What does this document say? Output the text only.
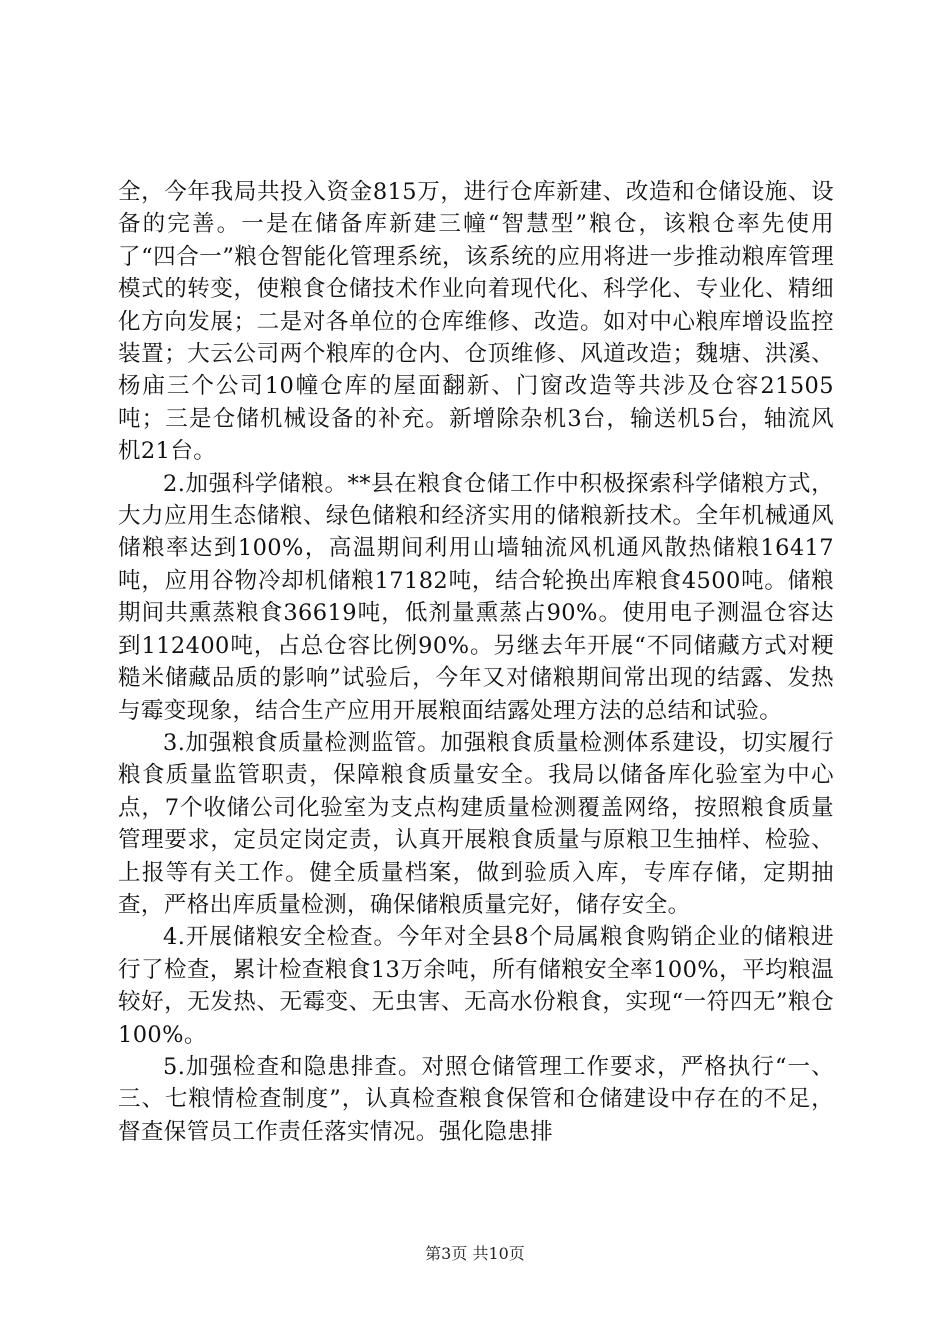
全，今年我局共投入资金815万，进行仓库新建、改造和仓储设施、设备的完善。一是在储备库新建三幢“智慧型”粮仓，该粮仓率先使用了“四合一”粮仓智能化管理系统，该系统的应用将进一步推动粮库管理模式的转变，使粮食仓储技术作业向着现代化、科学化、专业化、精细化方向发展；二是对各单位的仓库维修、改造。如对中心粮库增设监控装置；大云公司两个粮库的仓内、仓顶维修、风道改造；魏塘、洪溪、杨庙三个公司10幢仓库的屋面翻新、门窗改造等共涉及仓容21505吨；三是仓储机械设备的补充。新增除杂机3台，输送机5台，轴流风机21台。

2.加强科学储粮。**县在粮食仓储工作中积极探索科学储粮方式，大力应用生态储粮、绿色储粮和经济实用的储粮新技术。全年机械通风储粮率达到100%，高温期间利用山墙轴流风机通风散热储粮16417吨，应用谷物冷却机储粮17182吨，结合轮换出库粮食4500吨。储粮期间共熏蒸粮食36619吨，低剂量熏蒸占90%。使用电子测温仓容达到112400吨，占总仓容比例90%。另继去年开展“不同储藏方式对粳糙米储藏品质的影响”试验后，今年又对储粮期间常出现的结露、发热与霉变现象，结合生产应用开展粮面结露处理方法的总结和试验。

3.加强粮食质量检测监管。加强粮食质量检测体系建设，切实履行粮食质量监管职责，保障粮食质量安全。我局以储备库化验室为中心点，7个收储公司化验室为支点构建质量检测覆盖网络，按照粮食质量管理要求，定员定岗定责，认真开展粮食质量与原粮卫生抽样、检验、上报等有关工作。健全质量档案，做到验质入库，专库存储，定期抽查，严格出库质量检测，确保储粮质量完好，储存安全。

4.开展储粮安全检查。今年对全县8个局属粮食购销企业的储粮进行了检查，累计检查粮食13万余吨，所有储粮安全率100%，平均粮温较好，无发热、无霉变、无虫害、无高水份粮食，实现“一符四无”粮仓100%。

5.加强检查和隐患排查。对照仓储管理工作要求，严格执行“一、三、七粮情检查制度”，认真检查粮食保管和仓储建设中存在的不足，督查保管员工作责任落实情况。强化隐患排

第3页 共10页
